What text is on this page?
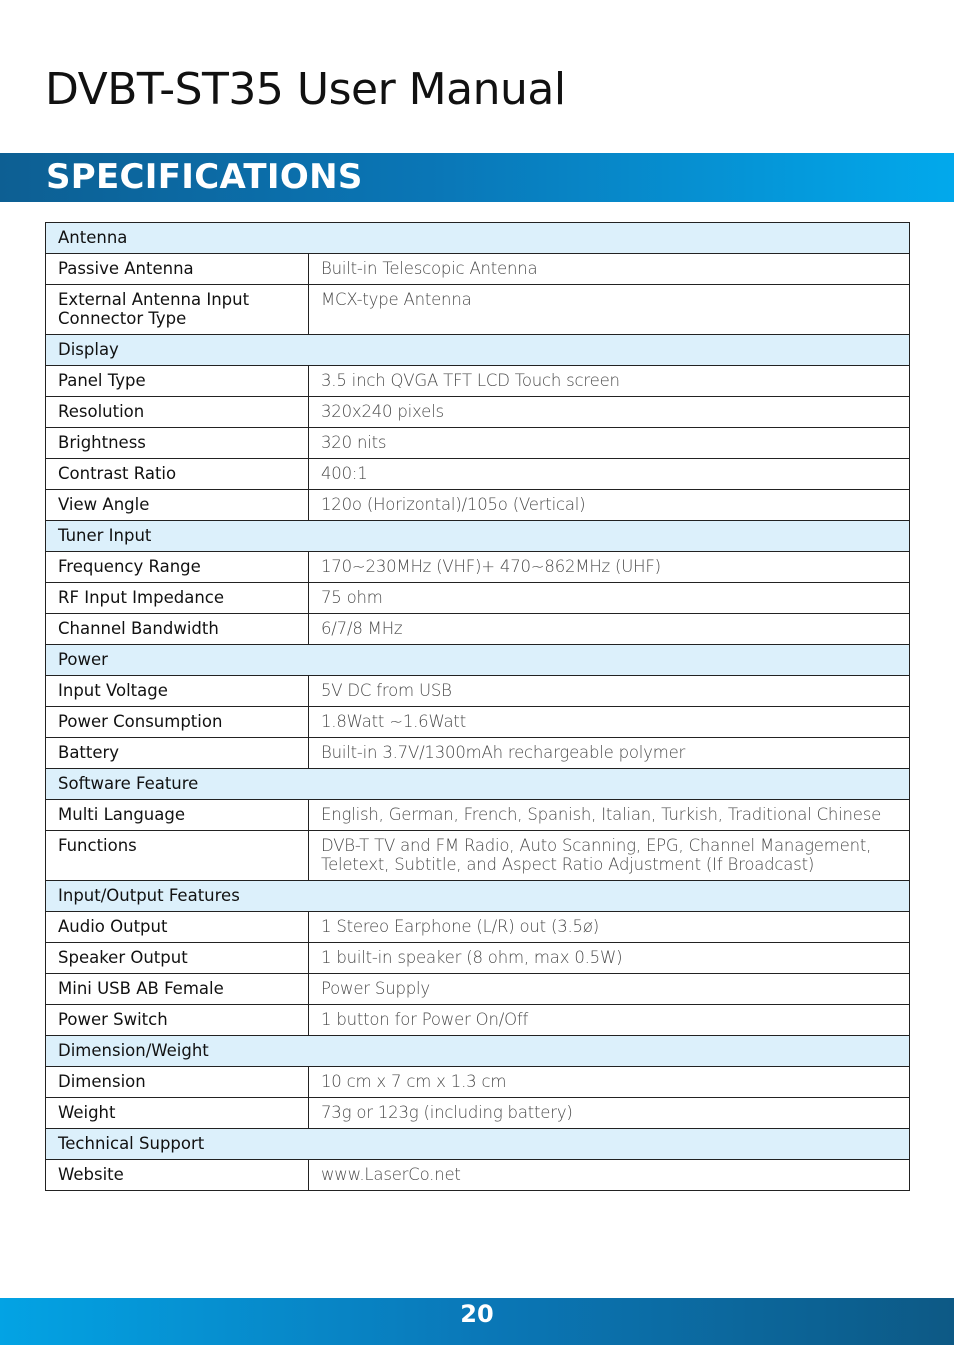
DVBT-ST35 User Manual
SPECIFICATIONS
Antenna	
Passive Antenna	Built-in Telescopic Antenna
External Antenna Input Connector Type	MCX-type Antenna
Display	
Panel Type	3.5 inch QVGA TFT LCD Touch screen
Resolution	320x240 pixels
Brightness	320 nits
Contrast Ratio	400:1
View Angle	120o (Horizontal)/105o (Vertical)
Tuner Input	
Frequency Range	170~230MHz (VHF)+ 470~862MHz (UHF)
RF Input Impedance	75 ohm
Channel Bandwidth	6/7/8 MHz
Power	
Input Voltage	5V DC from USB
Power Consumption	1.8Watt ~1.6Watt
Battery	Built-in 3.7V/1300mAh rechargeable polymer
Software Feature	
Multi Language	English, German, French, Spanish, Italian, Turkish, Traditional Chinese
Functions	DVB-T TV and FM Radio, Auto Scanning, EPG, Channel Management, Teletext, Subtitle, and Aspect Ratio Adjustment (If Broadcast)
Input/Output Features	
Audio Output	1 Stereo Earphone (L/R) out (3.5ø)
Speaker Output	1 built-in speaker (8 ohm, max 0.5W)
Mini USB AB Female	Power Supply
Power Switch	1 button for Power On/Off
Dimension/Weight	
Dimension	10 cm x 7 cm x 1.3 cm
Weight	73g or 123g (including battery)
Technical Support	
Website	www.LaserCo.net
20
